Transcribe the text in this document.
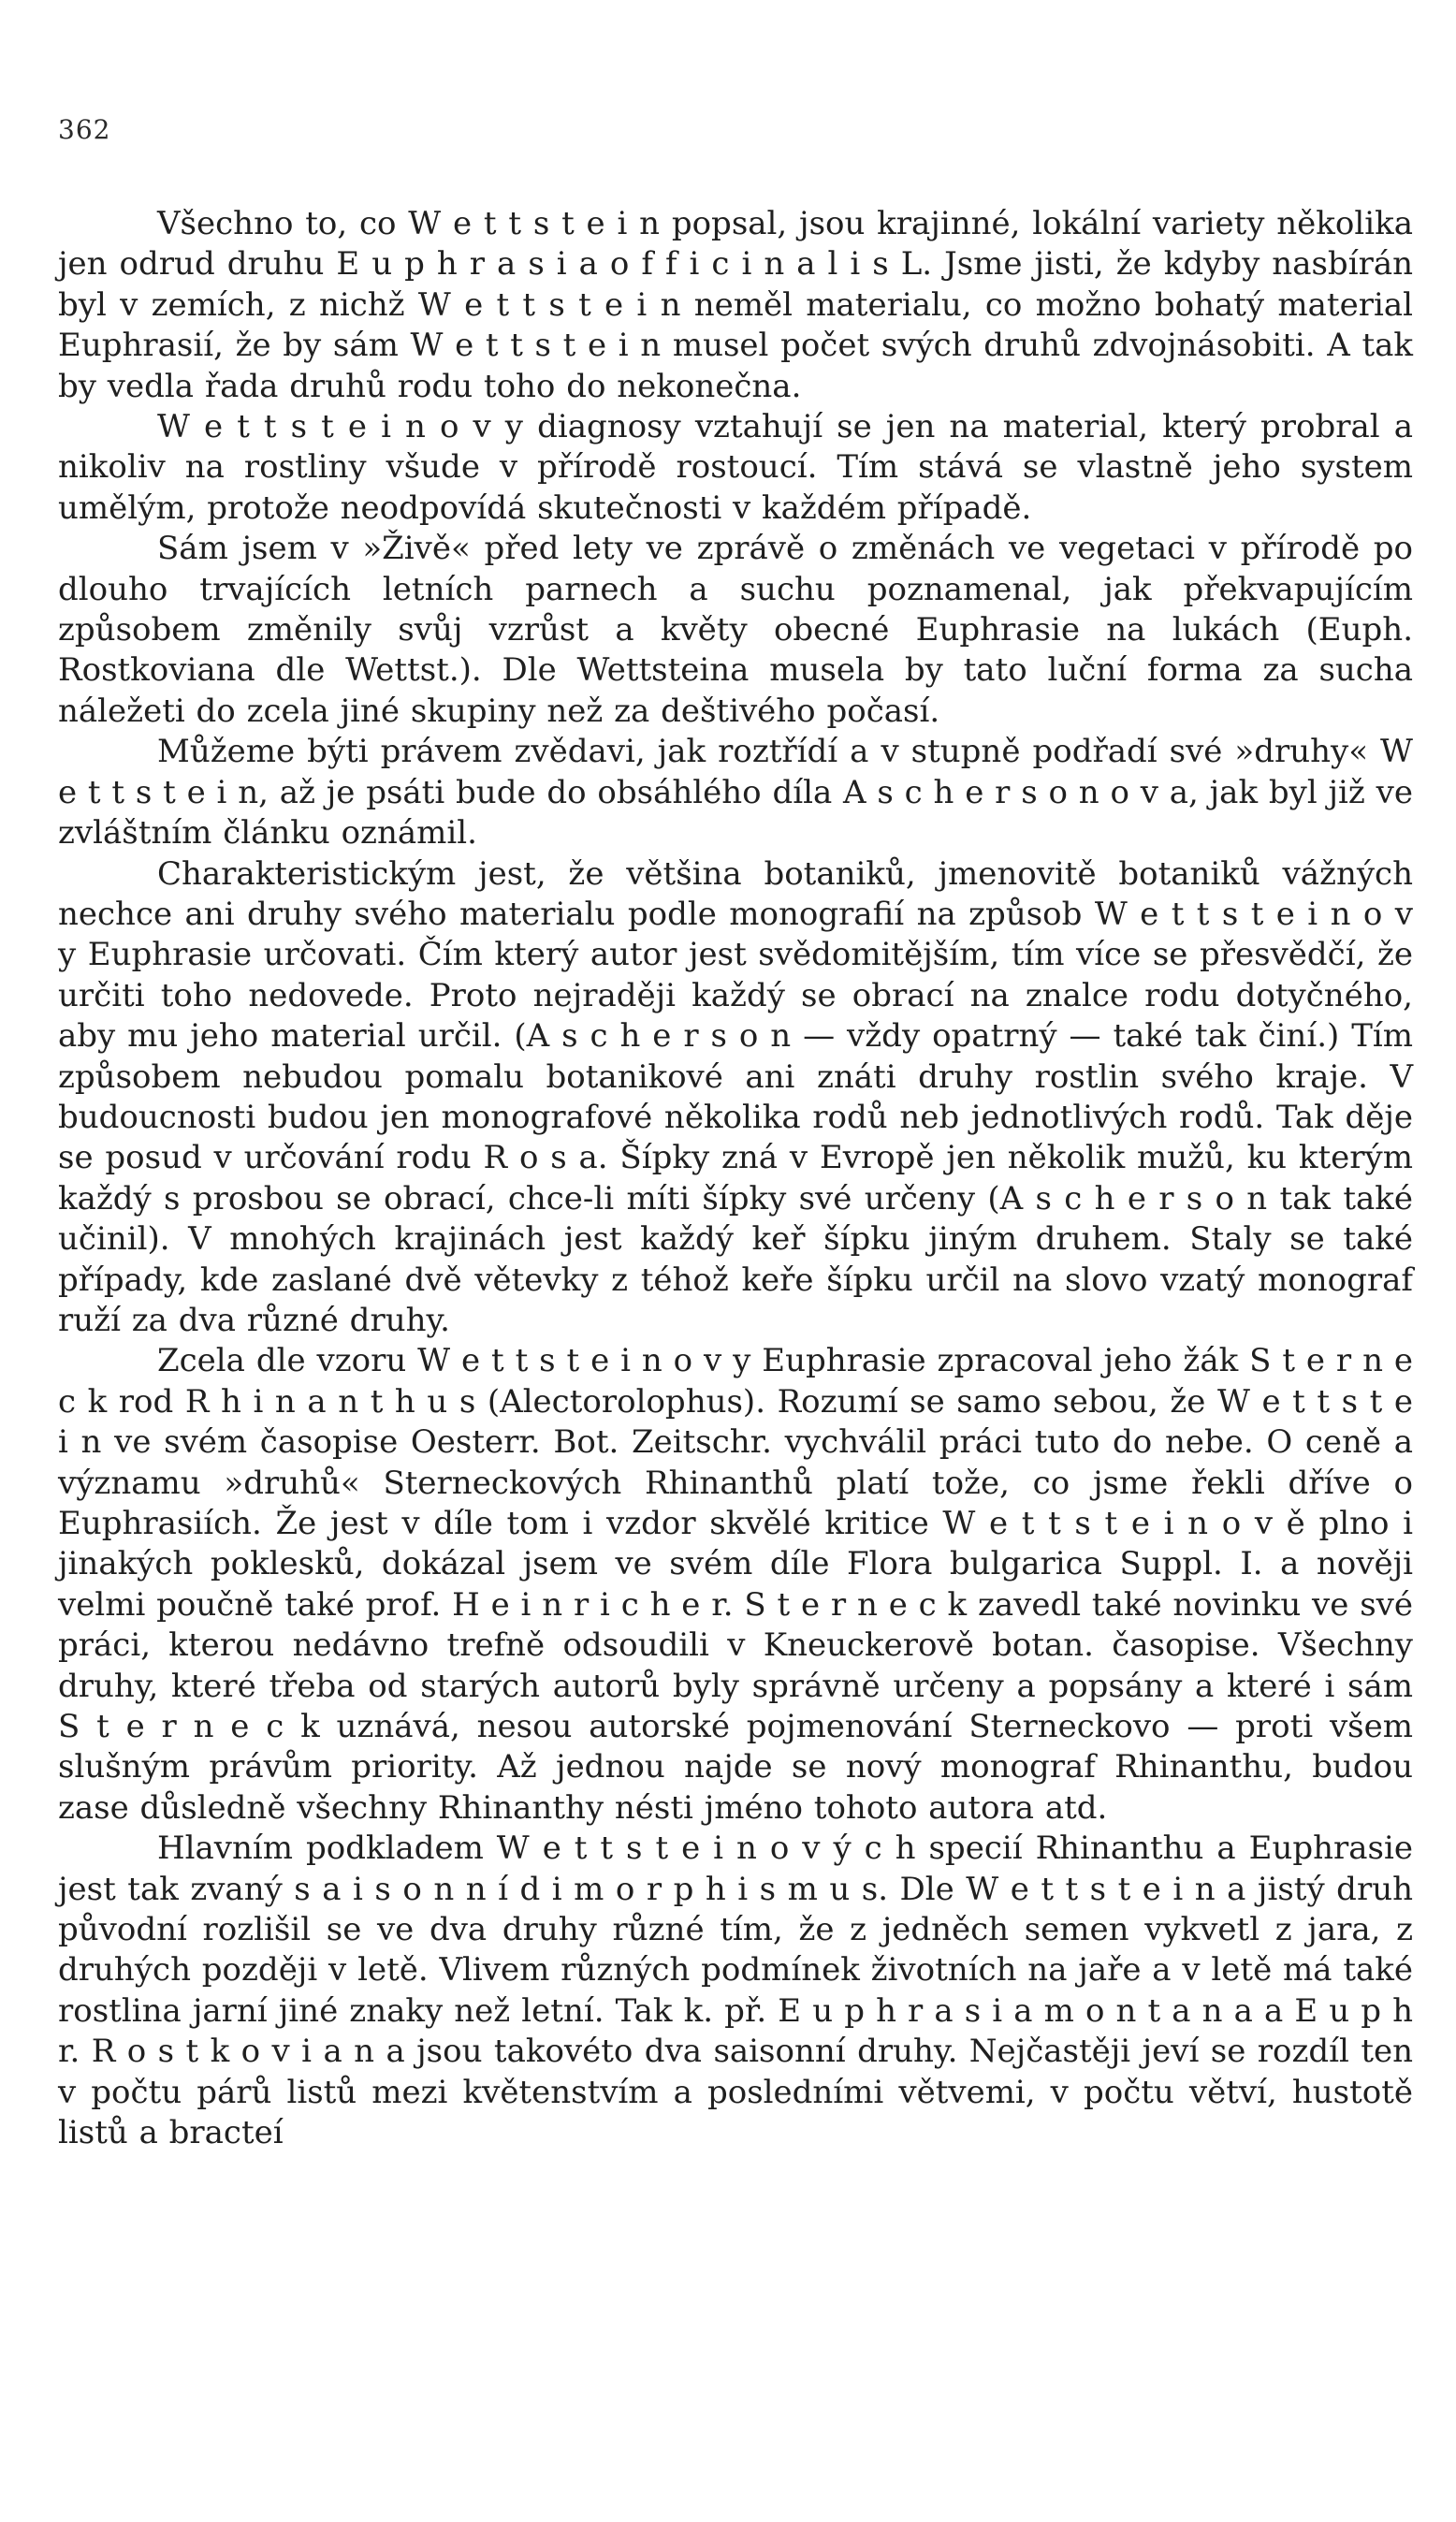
362

Všechno to, co W e t t s t e i n popsal, jsou krajinné, lokální variety několika jen odrud druhu E u p h r a s i a o f f i c i n a l i s L. Jsme jisti, že kdyby nasbírán byl v zemích, z nichž W e t t s t e i n neměl materialu, co možno bohatý material Euphrasií, že by sám W e t t s t e i n musel počet svých druhů zdvojnásobiti. A tak by vedla řada druhů rodu toho do nekonečna.

W e t t s t e i n o v y diagnosy vztahují se jen na material, který probral a nikoliv na rostliny všude v přírodě rostoucí. Tím stává se vlastně jeho system umělým, protože neodpovídá skutečnosti v každém případě.

Sám jsem v »Živě« před lety ve zprávě o změnách ve vegetaci v přírodě po dlouho trvajících letních parnech a suchu poznamenal, jak překvapujícím způsobem změnily svůj vzrůst a květy obecné Euphrasie na lukách (Euph. Rostkoviana dle Wettst.). Dle Wettsteina musela by tato luční forma za sucha náležeti do zcela jiné skupiny než za deštivého počasí.

Můžeme býti právem zvědavi, jak roztřídí a v stupně podřadí své »druhy« W e t t s t e i n, až je psáti bude do obsáhlého díla A s c h e r s o n o v a, jak byl již ve zvláštním článku oznámil.

Charakteristickým jest, že většina botaniků, jmenovitě botaniků vážných nechce ani druhy svého materialu podle monografií na způsob W e t t s t e i n o v y Euphrasie určovati. Čím který autor jest svědomitějším, tím více se přesvědčí, že určiti toho nedovede. Proto nejraději každý se obrací na znalce rodu dotyčného, aby mu jeho material určil. (A s c h e r s o n — vždy opatrný — také tak činí.) Tím způsobem nebudou pomalu botanikové ani znáti druhy rostlin svého kraje. V budoucnosti budou jen monografové několika rodů neb jednotlivých rodů. Tak děje se posud v určování rodu R o s a. Šípky zná v Evropě jen několik mužů, ku kterým každý s prosbou se obrací, chce-li míti šípky své určeny (A s c h e r s o n tak také učinil). V mnohých krajinách jest každý keř šípku jiným druhem. Staly se také případy, kde zaslané dvě větevky z téhož keře šípku určil na slovo vzatý monograf ruží za dva různé druhy.

Zcela dle vzoru W e t t s t e i n o v y Euphrasie zpracoval jeho žák S t e r n e c k rod R h i n a n t h u s (Alectorolophus). Rozumí se samo sebou, že W e t t s t e i n ve svém časopise Oesterr. Bot. Zeitschr. vychválil práci tuto do nebe. O ceně a významu »druhů« Sterneckových Rhinanthů platí tože, co jsme řekli dříve o Euphrasiích. Že jest v díle tom i vzdor skvělé kritice W e t t s t e i n o v ě plno i jinakých poklesků, dokázal jsem ve svém díle Flora bulgarica Suppl. I. a nověji velmi poučně také prof. H e i n r i c h e r. S t e r n e c k zavedl také novinku ve své práci, kterou nedávno trefně odsoudili v Kneuckerově botan. časopise. Všechny druhy, které třeba od starých autorů byly správně určeny a popsány a které i sám S t e r n e c k uznává, nesou autorské pojmenování Sterneckovo — proti všem slušným právům priority. Až jednou najde se nový monograf Rhinanthu, budou zase důsledně všechny Rhinanthy nésti jméno tohoto autora atd.

Hlavním podkladem W e t t s t e i n o v ý c h specií Rhinanthu a Euphrasie jest tak zvaný s a i s o n n í d i m o r p h i s m u s. Dle W e t t s t e i n a jistý druh původní rozlišil se ve dva druhy různé tím, že z jedněch semen vykvetl z jara, z druhých později v letě. Vlivem různých podmínek životních na jaře a v letě má také rostlina jarní jiné znaky než letní. Tak k. př. E u p h r a s i a m o n t a n a a E u p h r. R o s t k o v i a n a jsou takovéto dva saisonní druhy. Nejčastěji jeví se rozdíl ten v počtu párů listů mezi květenstvím a posledními větvemi, v počtu větví, hustotě listů a bracteí
